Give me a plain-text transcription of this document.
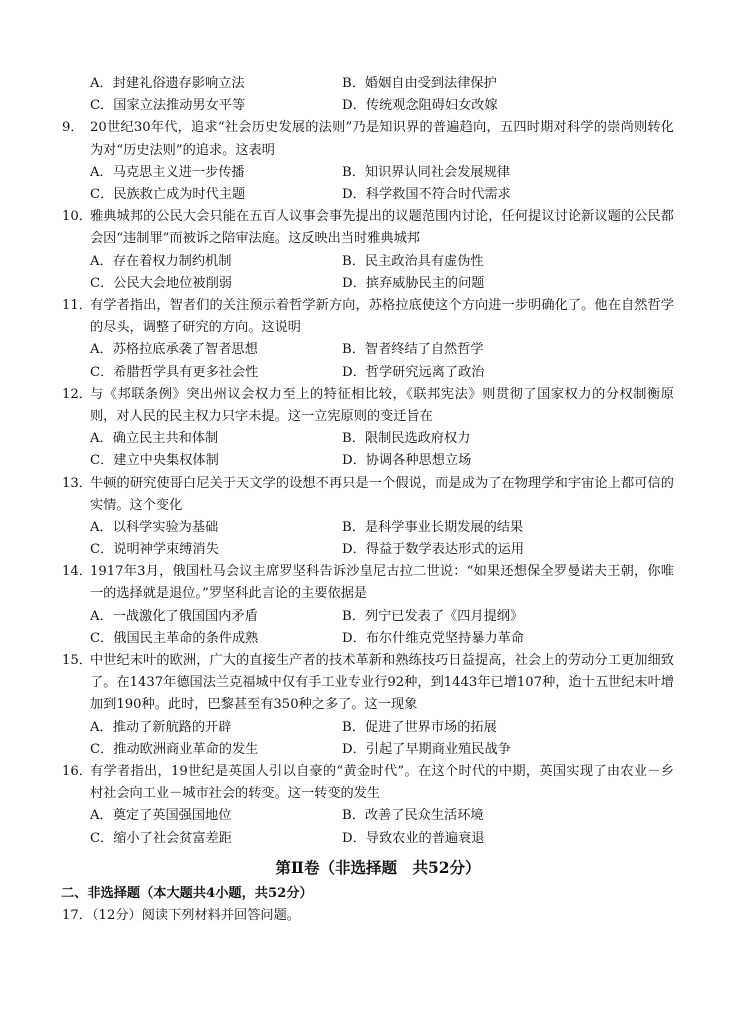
A．封建礼俗遗存影响立法	B．婚姻自由受到法律保护
C．国家立法推动男女平等	D．传统观念阻碍妇女改嫁
9． 20世纪30年代，追求“社会历史发展的法则”乃是知识界的普遍趋向，五四时期对科学的崇尚则转化为对“历史法则”的追求。这表明
A．马克思主义进一步传播	B．知识界认同社会发展规律
C．民族救亡成为时代主题	D．科学救国不符合时代需求
10．
雅典城邦的公民大会只能在五百人议事会事先提出的议题范围内讨论，任何提议讨论新议题的公民都会因“违制罪”而被诉之陪审法庭。这反映出当时雅典城邦
A．存在着权力制约机制	B．民主政治具有虚伪性
C．公民大会地位被削弱	D．摈弃威胁民主的问题
11．
有学者指出，智者们的关注预示着哲学新方向，苏格拉底使这个方向进一步明确化了。他在自然哲学的尽头，调整了研究的方向。这说明
A．苏格拉底承袭了智者思想	B．智者终结了自然哲学
C．希腊哲学具有更多社会性	D．哲学研究远离了政治
12．
与《邦联条例》突出州议会权力至上的特征相比较，《联邦宪法》则贯彻了国家权力的分权制衡原则，对人民的民主权力只字未提。这一立宪原则的变迁旨在
A．确立民主共和体制	B．限制民选政府权力
C．建立中央集权体制	D．协调各种思想立场
13．
牛顿的研究使哥白尼关于天文学的设想不再只是一个假说，而是成为了在物理学和宇宙论上都可信的实情。这个变化
A．以科学实验为基础	B．是科学事业长期发展的结果
C．说明神学束缚消失	D．得益于数学表达形式的运用
14．
1917年3月，俄国杜马会议主席罗坚科告诉沙皇尼古拉二世说：“如果还想保全罗曼诺夫王朝，你唯一的选择就是退位。”罗坚科此言论的主要依据是
A．一战激化了俄国国内矛盾	B．列宁已发表了《四月提纲》
C．俄国民主革命的条件成熟	D．布尔什维克党坚持暴力革命
15．
中世纪末叶的欧洲，广大的直接生产者的技术革新和熟练技巧日益提高，社会上的劳动分工更加细致了。在1437年德国法兰克福城中仅有手工业专业行92种，到1443年已增107种，迨十五世纪末叶增加到190种。此时，巴黎甚至有350种之多了。这一现象
A．推动了新航路的开辟	B．促进了世界市场的拓展
C．推动欧洲商业革命的发生	D．引起了早期商业殖民战争
16．
有学者指出，19世纪是英国人引以自豪的“黄金时代”。在这个时代的中期，英国实现了由农业－乡村社会向工业－城市社会的转变。这一转变的发生
A．奠定了英国强国地位	B．改善了民众生活环境
C．缩小了社会贫富差距	D．导致农业的普遍衰退
第Ⅱ卷（非选择题　共52分）
二、非选择题（本大题共4小题，共52分）
17．（12分）阅读下列材料并回答问题。
